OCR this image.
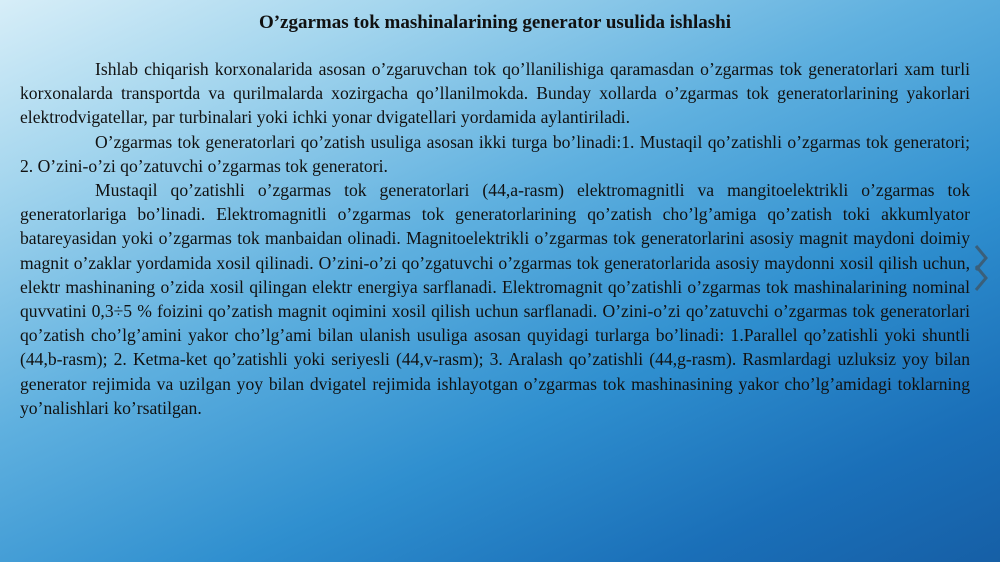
O’zgarmas tok mashinalarining generator usulida ishlashi

Ishlab chiqarish korxonalarida asosan o’zgaruvchan tok qo’llanilishiga qaramasdan o’zgarmas tok generatorlari xam turli korxonalarda transportda va qurilmalarda xozirgacha qo’llanilmokda. Bunday xollarda o’zgarmas tok generatorlarining yakorlari elektrodvigatellar, par turbinalari yoki ichki yonar dvigatellari yordamida aylantiriladi.

O’zgarmas tok generatorlari qo’zatish usuliga asosan ikki turga bo’linadi:1. Mustaqil qo’zatishli o’zgarmas tok generatori; 2. O’zini-o’zi qo’zatuvchi o’zgarmas tok generatori.

Mustaqil qo’zatishli o’zgarmas tok generatorlari (44,a-rasm) elektromagnitli va mangitoelektrikli o’zgarmas tok generatorlariga bo’linadi. Elektromagnitli o’zgarmas tok generatorlarining qo’zatish cho’lg’amiga qo’zatish toki akkumlyator batareyasidan yoki o’zgarmas tok manbaidan olinadi. Magnitoelektrikli o’zgarmas tok generatorlarini asosiy magnit maydoni doimiy magnit o’zaklar yordamida xosil qilinadi. O’zini-o’zi qo’zgatuvchi o’zgarmas tok generatorlarida asosiy maydonni xosil qilish uchun, elektr mashinaning o’zida xosil qilingan elektr energiya sarflanadi. Elektromagnit qo’zatishli o’zgarmas tok mashinalarining nominal quvvatini 0,3÷5 % foizini qo’zatish magnit oqimini xosil qilish uchun sarflanadi. O’zini-o’zi qo’zatuvchi o’zgarmas tok generatorlari qo’zatish cho’lg’amini yakor cho’lg’ami bilan ulanish usuliga asosan quyidagi turlarga bo’linadi: 1.Parallel qo’zatishli yoki shuntli (44,b-rasm); 2. Ketma-ket qo’zatishli yoki seriyesli (44,v-rasm); 3. Aralash qo’zatishli (44,g-rasm). Rasmlardagi uzluksiz yoy bilan generator rejimida va uzilgan yoy bilan dvigatel rejimida ishlayotgan o’zgarmas tok mashinasining yakor cho’lg’amidagi toklarning yo’nalishlari ko’rsatilgan.
